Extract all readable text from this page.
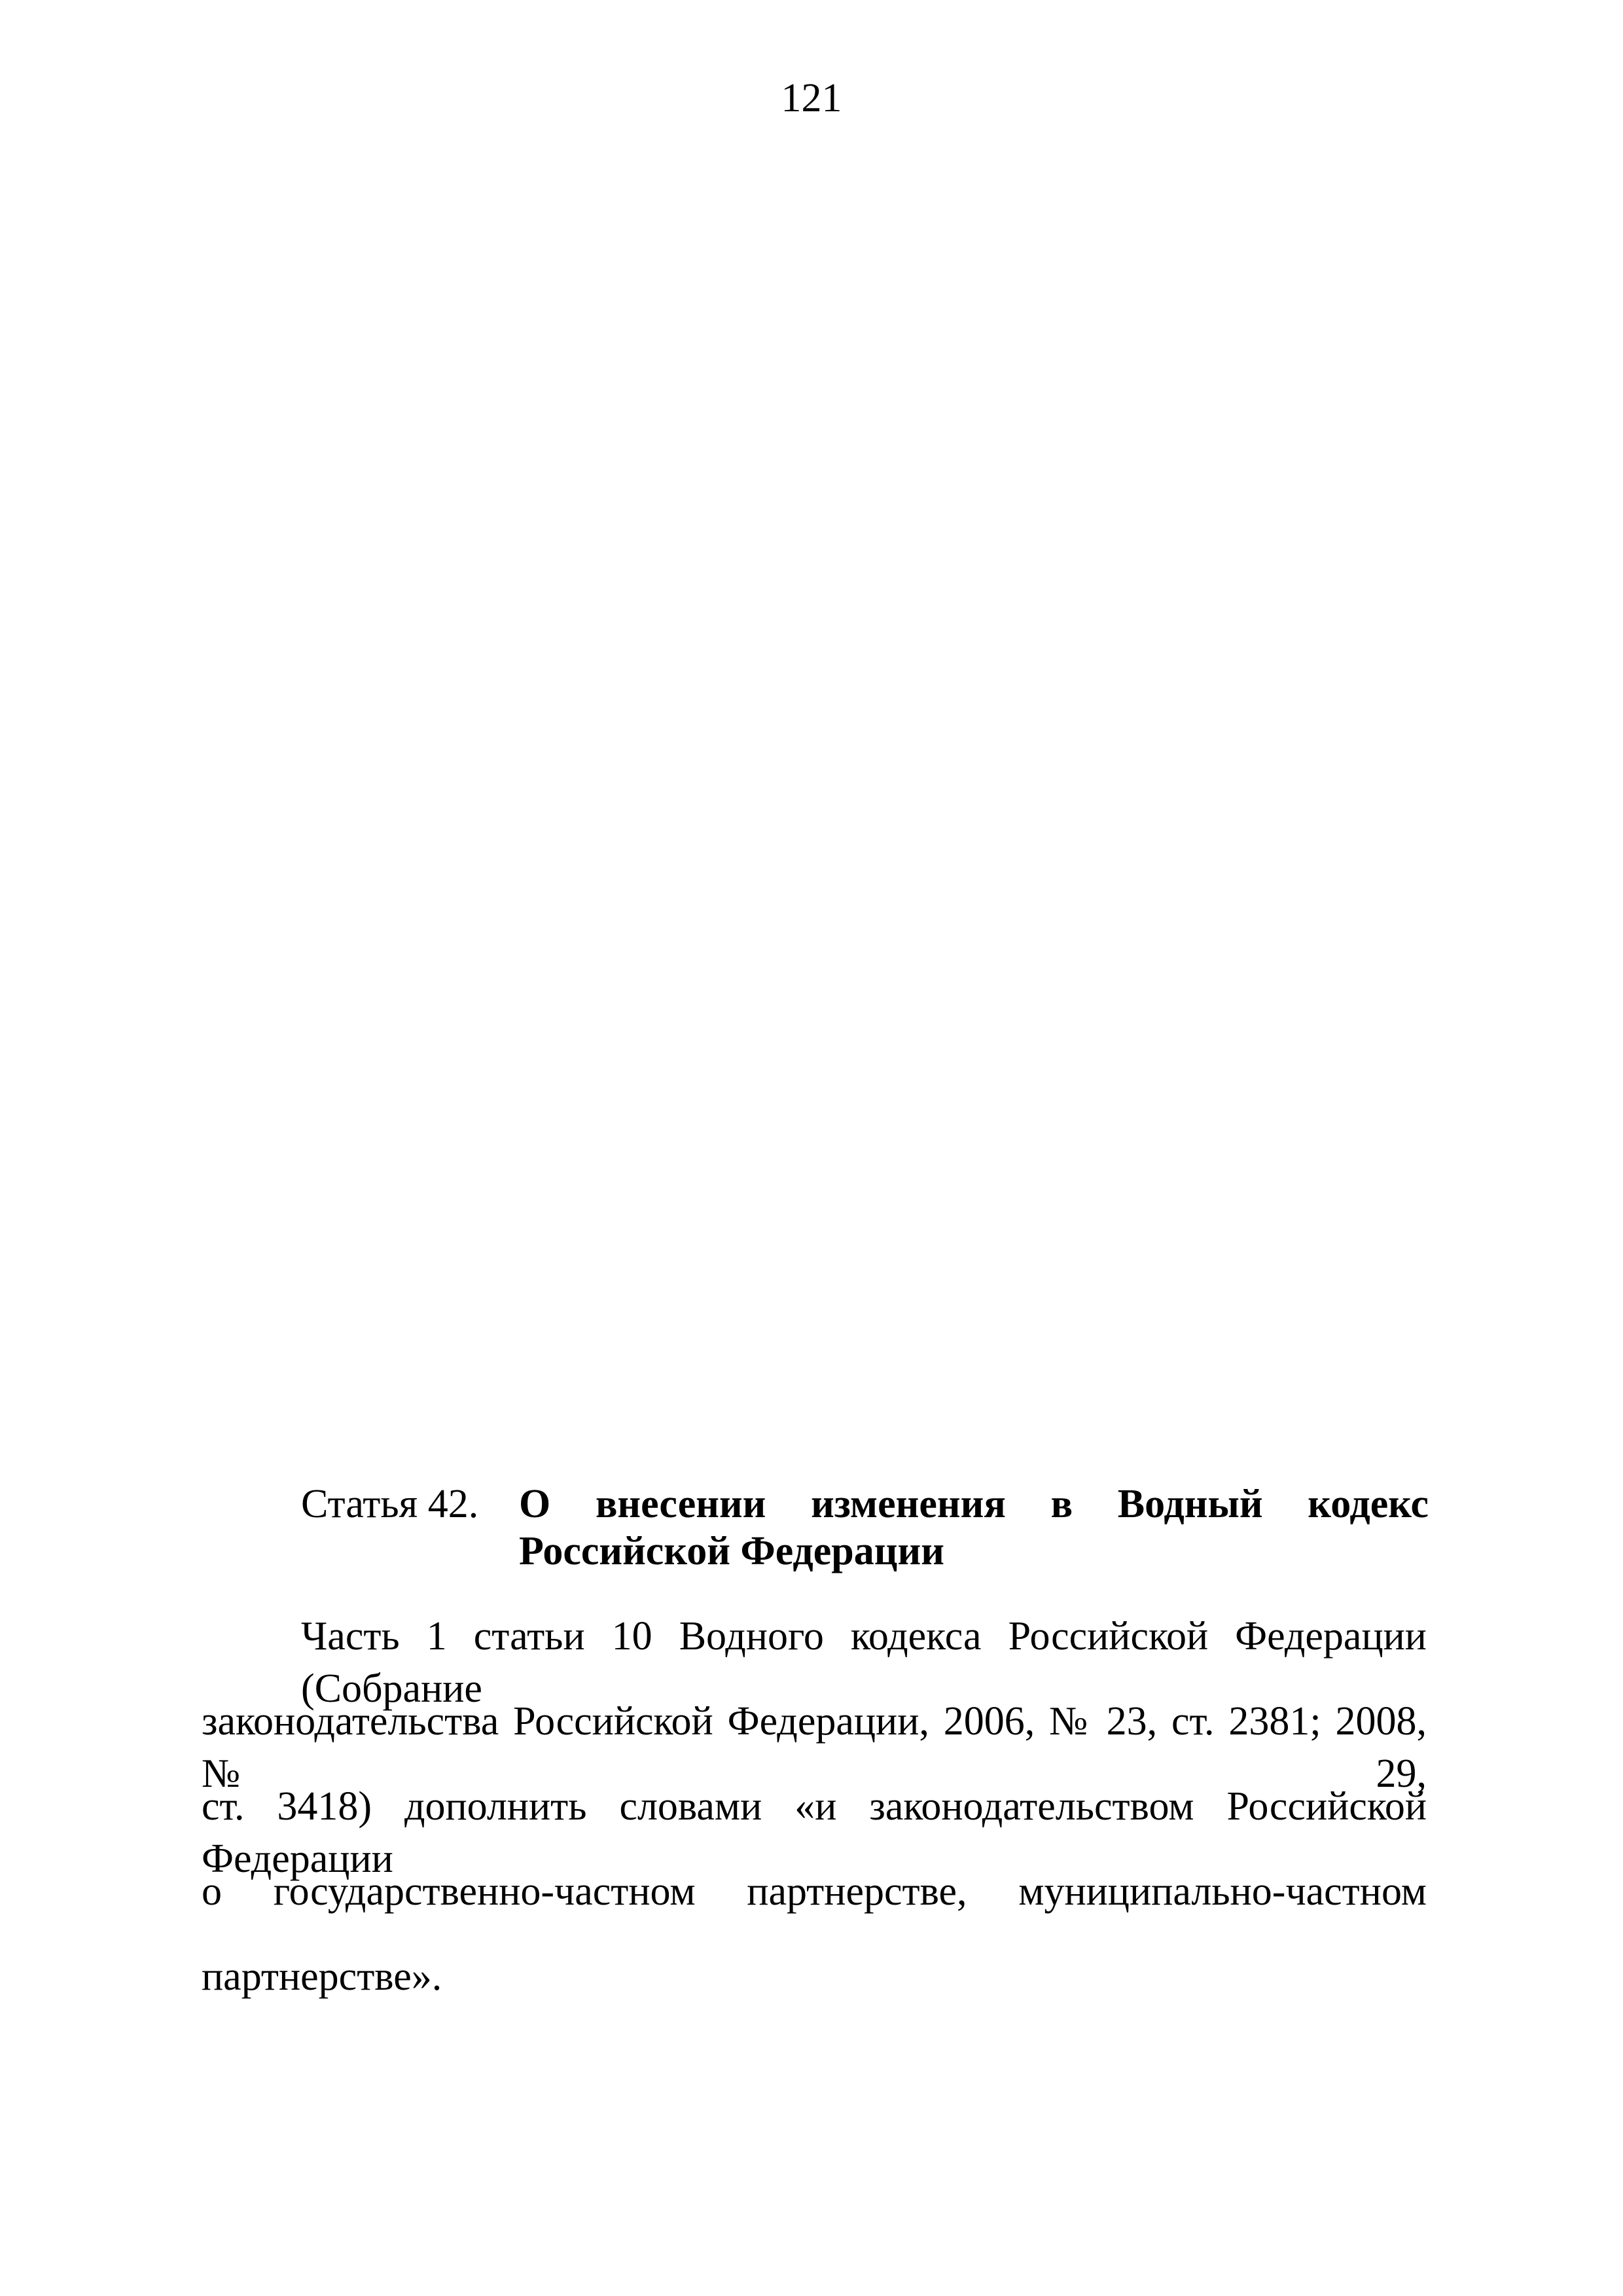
121
Статья 42. О внесении изменения в Водный кодекс Российской Федерации
Часть 1 статьи 10 Водного кодекса Российской Федерации (Собрание
законодательства Российской Федерации, 2006, № 23, ст. 2381; 2008, № 29,
ст. 3418) дополнить словами «и законодательством Российской Федерации
о государственно-частном партнерстве, муниципально-частном
партнерстве».
